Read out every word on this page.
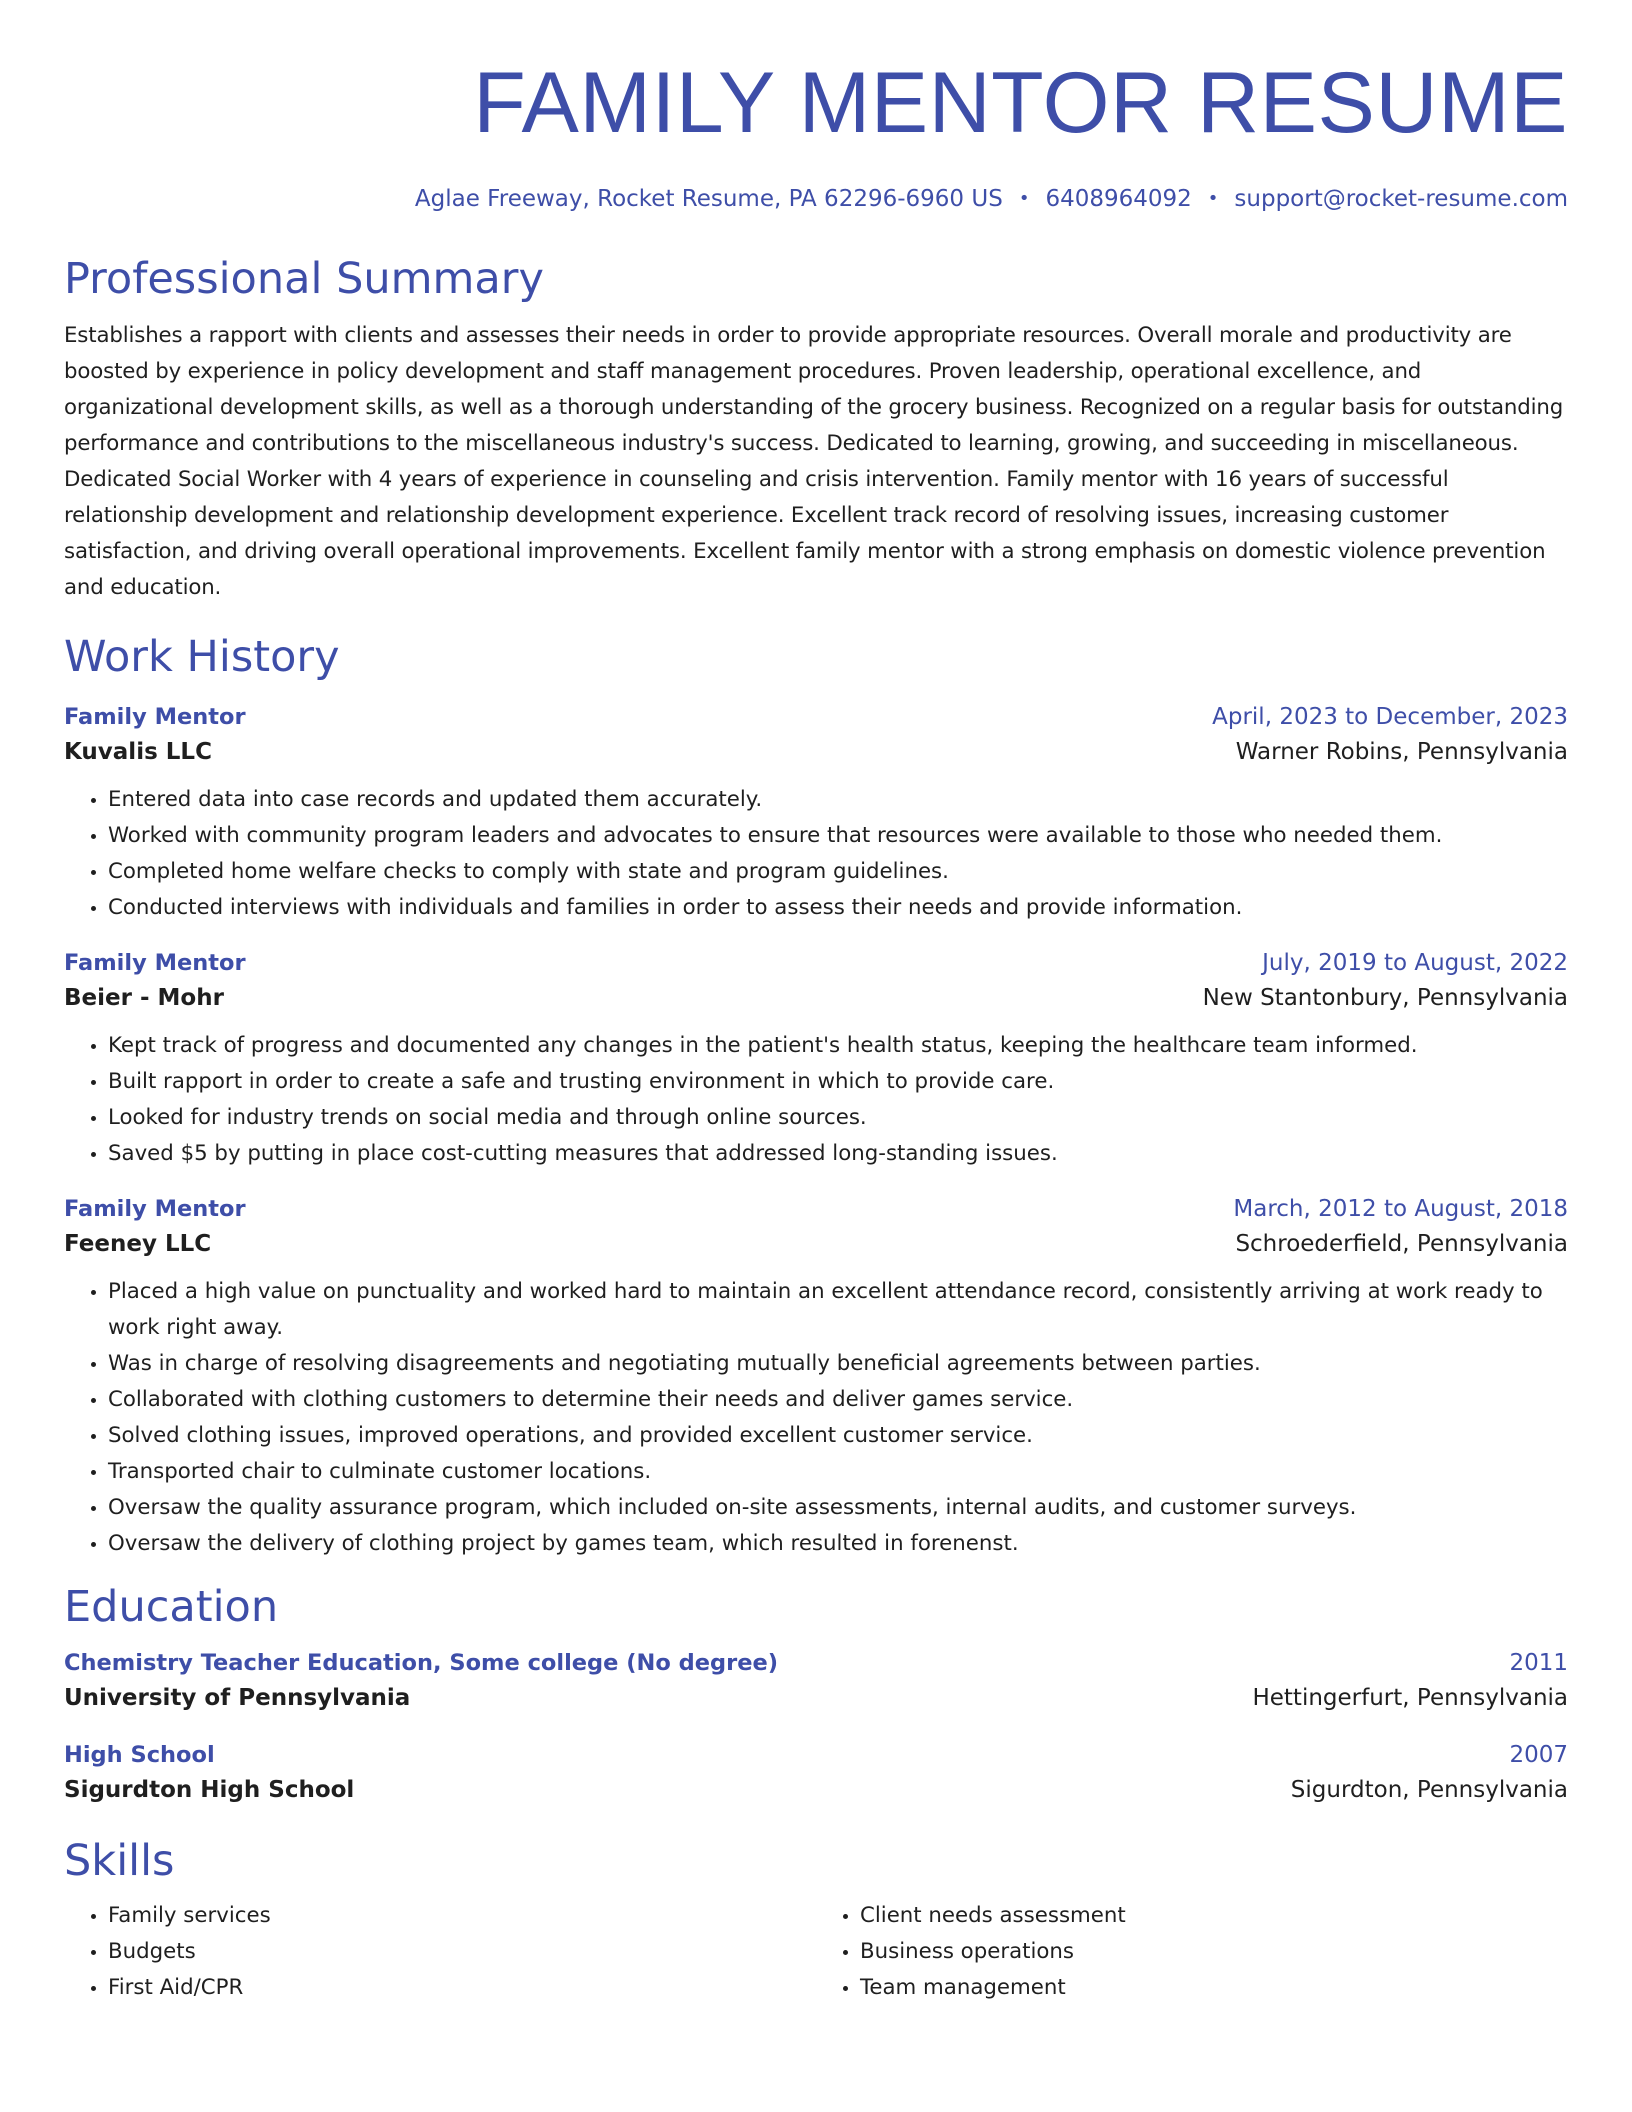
FAMILY MENTOR RESUME
Aglae Freeway, Rocket Resume, PA 62296-6960 US • 6408964092 • support@rocket-resume.com
Professional Summary

Establishes a rapport with clients and assesses their needs in order to provide appropriate resources. Overall morale and productivity are boosted by experience in policy development and staff management procedures. Proven leadership, operational excellence, and organizational development skills, as well as a thorough understanding of the grocery business. Recognized on a regular basis for outstanding performance and contributions to the miscellaneous industry's success. Dedicated to learning, growing, and succeeding in miscellaneous. Dedicated Social Worker with 4 years of experience in counseling and crisis intervention. Family mentor with 16 years of successful relationship development and relationship development experience. Excellent track record of resolving issues, increasing customer satisfaction, and driving overall operational improvements. Excellent family mentor with a strong emphasis on domestic violence prevention and education.

Work History
Family Mentor	April, 2023 to December, 2023
Kuvalis LLC	Warner Robins, Pennsylvania
• Entered data into case records and updated them accurately.
• Worked with community program leaders and advocates to ensure that resources were available to those who needed them.
• Completed home welfare checks to comply with state and program guidelines.
• Conducted interviews with individuals and families in order to assess their needs and provide information.
Family Mentor	July, 2019 to August, 2022
Beier - Mohr	New Stantonbury, Pennsylvania
• Kept track of progress and documented any changes in the patient's health status, keeping the healthcare team informed.
• Built rapport in order to create a safe and trusting environment in which to provide care.
• Looked for industry trends on social media and through online sources.
• Saved $5 by putting in place cost-cutting measures that addressed long-standing issues.
Family Mentor	March, 2012 to August, 2018
Feeney LLC	Schroederfield, Pennsylvania
• Placed a high value on punctuality and worked hard to maintain an excellent attendance record, consistently arriving at work ready to work right away.
• Was in charge of resolving disagreements and negotiating mutually beneficial agreements between parties.
• Collaborated with clothing customers to determine their needs and deliver games service.
• Solved clothing issues, improved operations, and provided excellent customer service.
• Transported chair to culminate customer locations.
• Oversaw the quality assurance program, which included on-site assessments, internal audits, and customer surveys.
• Oversaw the delivery of clothing project by games team, which resulted in forenenst.
Education
Chemistry Teacher Education, Some college (No degree)	2011
University of Pennsylvania	Hettingerfurt, Pennsylvania
High School	2007
Sigurdton High School	Sigurdton, Pennsylvania
Skills
• Family services
• Budgets
• First Aid/CPR
• Client needs assessment
• Business operations
• Team management
